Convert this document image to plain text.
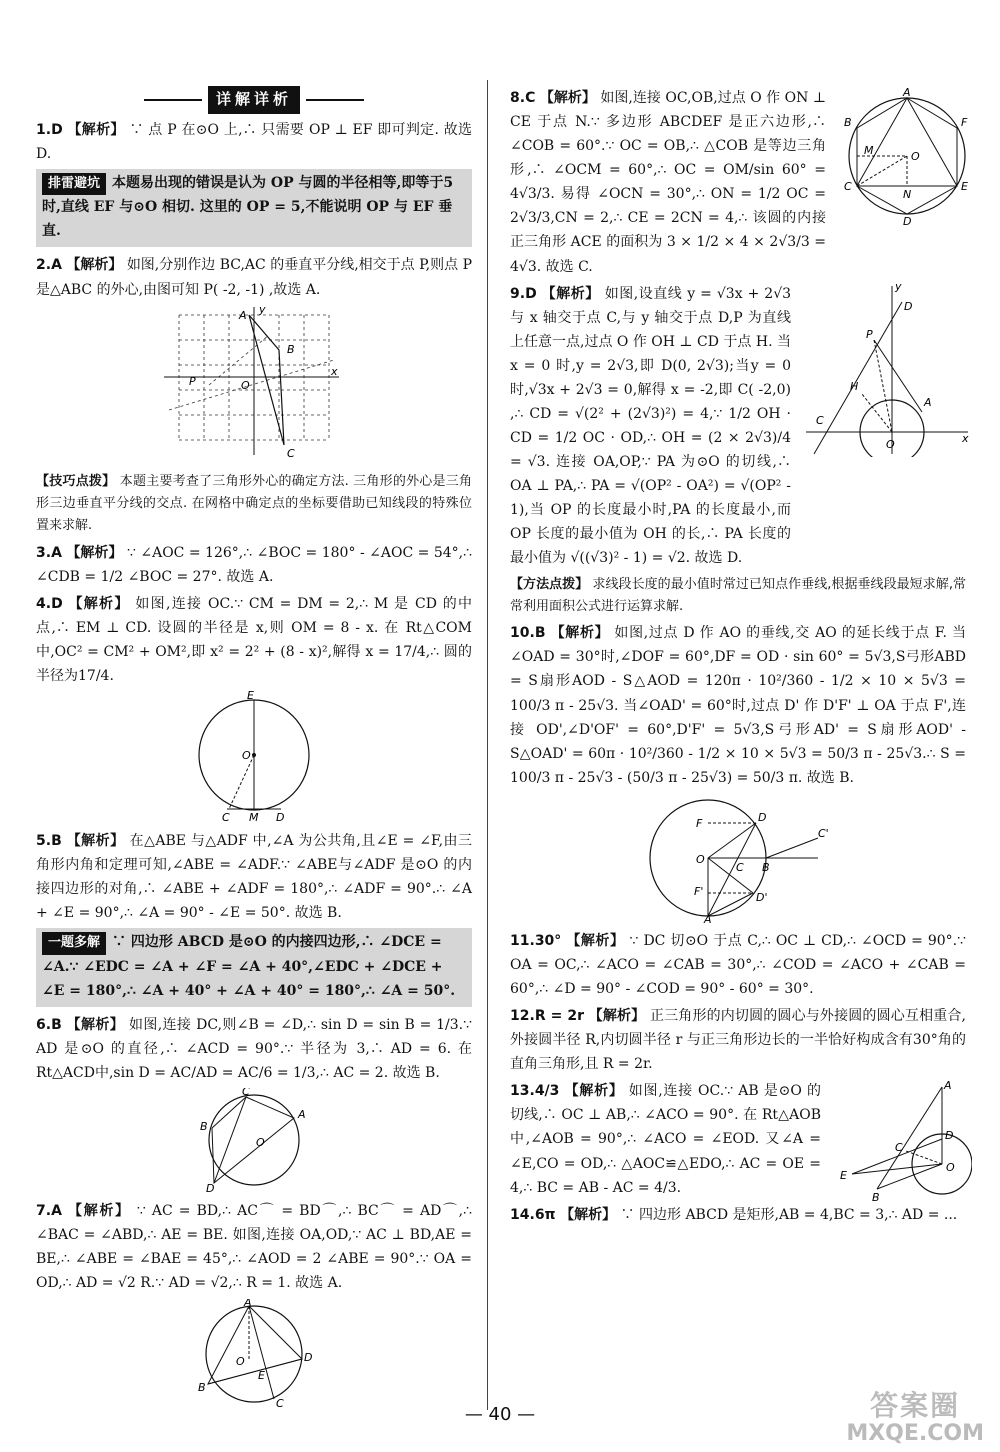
详解详析

1.D 【解析】 ∵ 点 P 在⊙O 上,∴ 只需要 OP ⊥ EF 即可判定. 故选 D.

排雷避坑 本题易出现的错误是认为 OP 与圆的半径相等,即等于5时,直线 EF 与⊙O 相切. 这里的 OP = 5,不能说明 OP 与 EF 垂直.

2.A 【解析】 如图,分别作边 BC,AC 的垂直平分线,相交于点 P,则点 P 是△ABC 的外心,由图可知 P( -2, -1) ,故选 A.

x
y
A
B
C
P	O

【技巧点拨】 本题主要考查了三角形外心的确定方法. 三角形的外心是三角形三边垂直平分线的交点. 在网格中确定点的坐标要借助已知线段的特殊位置来求解.

3.A 【解析】 ∵ ∠AOC = 126°,∴ ∠BOC = 180° - ∠AOC = 54°,∴ ∠CDB = 1/2 ∠BOC = 27°. 故选 A.

4.D 【解析】 如图,连接 OC.∵ CM = DM = 2,∴ M 是 CD 的中点,∴ EM ⊥ CD. 设圆的半径是 x,则 OM = 8 - x. 在 Rt△COM 中,OC² = CM² + OM²,即 x² = 2² + (8 - x)²,解得 x = 17/4,∴ 圆的半径为17/4.

E
O
C M D

5.B 【解析】 在△ABE 与△ADF 中,∠A 为公共角,且∠E = ∠F,由三角形内角和定理可知,∠ABE = ∠ADF.∵ ∠ABE与∠ADF 是⊙O 的内接四边形的对角,∴ ∠ABE + ∠ADF = 180°,∴ ∠ADF = 90°.∴ ∠A + ∠E = 90°,∴ ∠A = 90° - ∠E = 50°. 故选 B.

一题多解 ∵ 四边形 ABCD 是⊙O 的内接四边形,∴ ∠DCE = ∠A.∵ ∠EDC = ∠A + ∠F = ∠A + 40°,∠EDC + ∠DCE + ∠E = 180°,∴ ∠A + 40° + ∠A + 40° = 180°,∴ ∠A = 50°.

6.B 【解析】 如图,连接 DC,则∠B = ∠D,∴ sin D = sin B = 1/3.∵ AD 是⊙O 的直径,∴ ∠ACD = 90°.∵ 半径为 3,∴ AD = 6. 在 Rt△ACD中,sin D = AC/AD = AC/6 = 1/3,∴ AC = 2. 故选 B.

C
A
B
O
D

7.A 【解析】 ∵ AC = BD,∴ AC⌒ = BD⌒,∴ BC⌒ = AD⌒,∴ ∠BAC = ∠ABD,∴ AE = BE. 如图,连接 OA,OD,∵ AC ⊥ BD,AE = BE,∴ ∠ABE = ∠BAE = 45°,∴ ∠AOD = 2 ∠ABE = 90°.∵ OA = OD,∴ AD = √2 R.∵ AD = √2,∴ R = 1. 故选 A.

A
B
C
D
O
E
A
B	F
C	E
D
O
M
N

8.C 【解析】 如图,连接 OC,OB,过点 O 作 ON ⊥ CE 于点 N.∵ 多边形 ABCDEF 是正六边形,∴ ∠COB = 60°.∵ OC = OB,∴ △COB 是等边三角形,∴ ∠OCM = 60°,∴ OC = OM/sin 60° = 4√3/3. 易得 ∠OCN = 30°,∴ ON = 1/2 OC = 2√3/3,CN = 2,∴ CE = 2CN = 4,∴ 该圆的内接正三角形 ACE 的面积为 3 × 1/2 × 4 × 2√3/3 = 4√3. 故选 C.

x
y
D
P
H
A
C
O

9.D 【解析】 如图,设直线 y = √3x + 2√3与 x 轴交于点 C,与 y 轴交于点 D,P 为直线上任意一点,过点 O 作 OH ⊥ CD 于点 H. 当 x = 0 时,y = 2√3,即 D(0, 2√3);当y = 0时,√3x + 2√3 = 0,解得 x = -2,即 C( -2,0) ,∴ CD = √(2² + (2√3)²) = 4,∵ 1/2 OH · CD = 1/2 OC · OD,∴ OH = (2 × 2√3)/4 = √3. 连接 OA,OP,∵ PA 为⊙O 的切线,∴ OA ⊥ PA,∴ PA = √(OP² - OA²) = √(OP² - 1),当 OP 的长度最小时,PA 的长度最小,而 OP 长度的最小值为 OH 的长,∴ PA 长度的最小值为 √((√3)² - 1) = √2. 故选 D.

【方法点拨】 求线段长度的最小值时常过已知点作垂线,根据垂线段最短求解,常常利用面积公式进行运算求解.

10.B 【解析】 如图,过点 D 作 AO 的垂线,交 AO 的延长线于点 F. 当∠OAD = 30°时,∠DOF = 60°,DF = OD · sin 60° = 5√3,S弓形ABD = S扇形AOD - S△AOD = 120π · 10²/360 - 1/2 × 10 × 5√3 = 100/3 π - 25√3. 当∠OAD' = 60°时,过点 D' 作 D'F' ⊥ OA 于点 F',连接 OD',∠D'OF' = 60°,D'F' = 5√3,S弓形AD' = S扇形AOD' - S△OAD' = 60π · 10²/360 - 1/2 × 10 × 5√3 = 50/3 π - 25√3.∴ S = 100/3 π - 25√3 - (50/3 π - 25√3) = 50/3 π. 故选 B.

F	D
O
C B
C'
F'	D'
A

11.30° 【解析】 ∵ DC 切⊙O 于点 C,∴ OC ⊥ CD,∴ ∠OCD = 90°.∵ OA = OC,∴ ∠ACO = ∠CAB = 30°,∴ ∠COD = ∠ACO + ∠CAB = 60°,∴ ∠D = 90° - ∠COD = 90° - 60° = 30°.

12.R = 2r 【解析】 正三角形的内切圆的圆心与外接圆的圆心互相重合,外接圆半径 R,内切圆半径 r 与正三角形边长的一半恰好构成含有30°角的直角三角形,且 R = 2r.

A
D
C
E
B
O

13.4/3 【解析】 如图,连接 OC.∵ AB 是⊙O 的切线,∴ OC ⊥ AB,∴ ∠ACO = 90°. 在 Rt△AOB 中,∠AOB = 90°,∴ ∠ACO = ∠EOD. 又∠A = ∠E,CO = OD,∴ △AOC≌△EDO,∴ AC = OE = 4,∴ BC = AB - AC = 4/3.

14.6π 【解析】 ∵ 四边形 ABCD 是矩形,AB = 4,BC = 3,∴ AD = ...

— 40 —	答案圈
MXQE.COM
